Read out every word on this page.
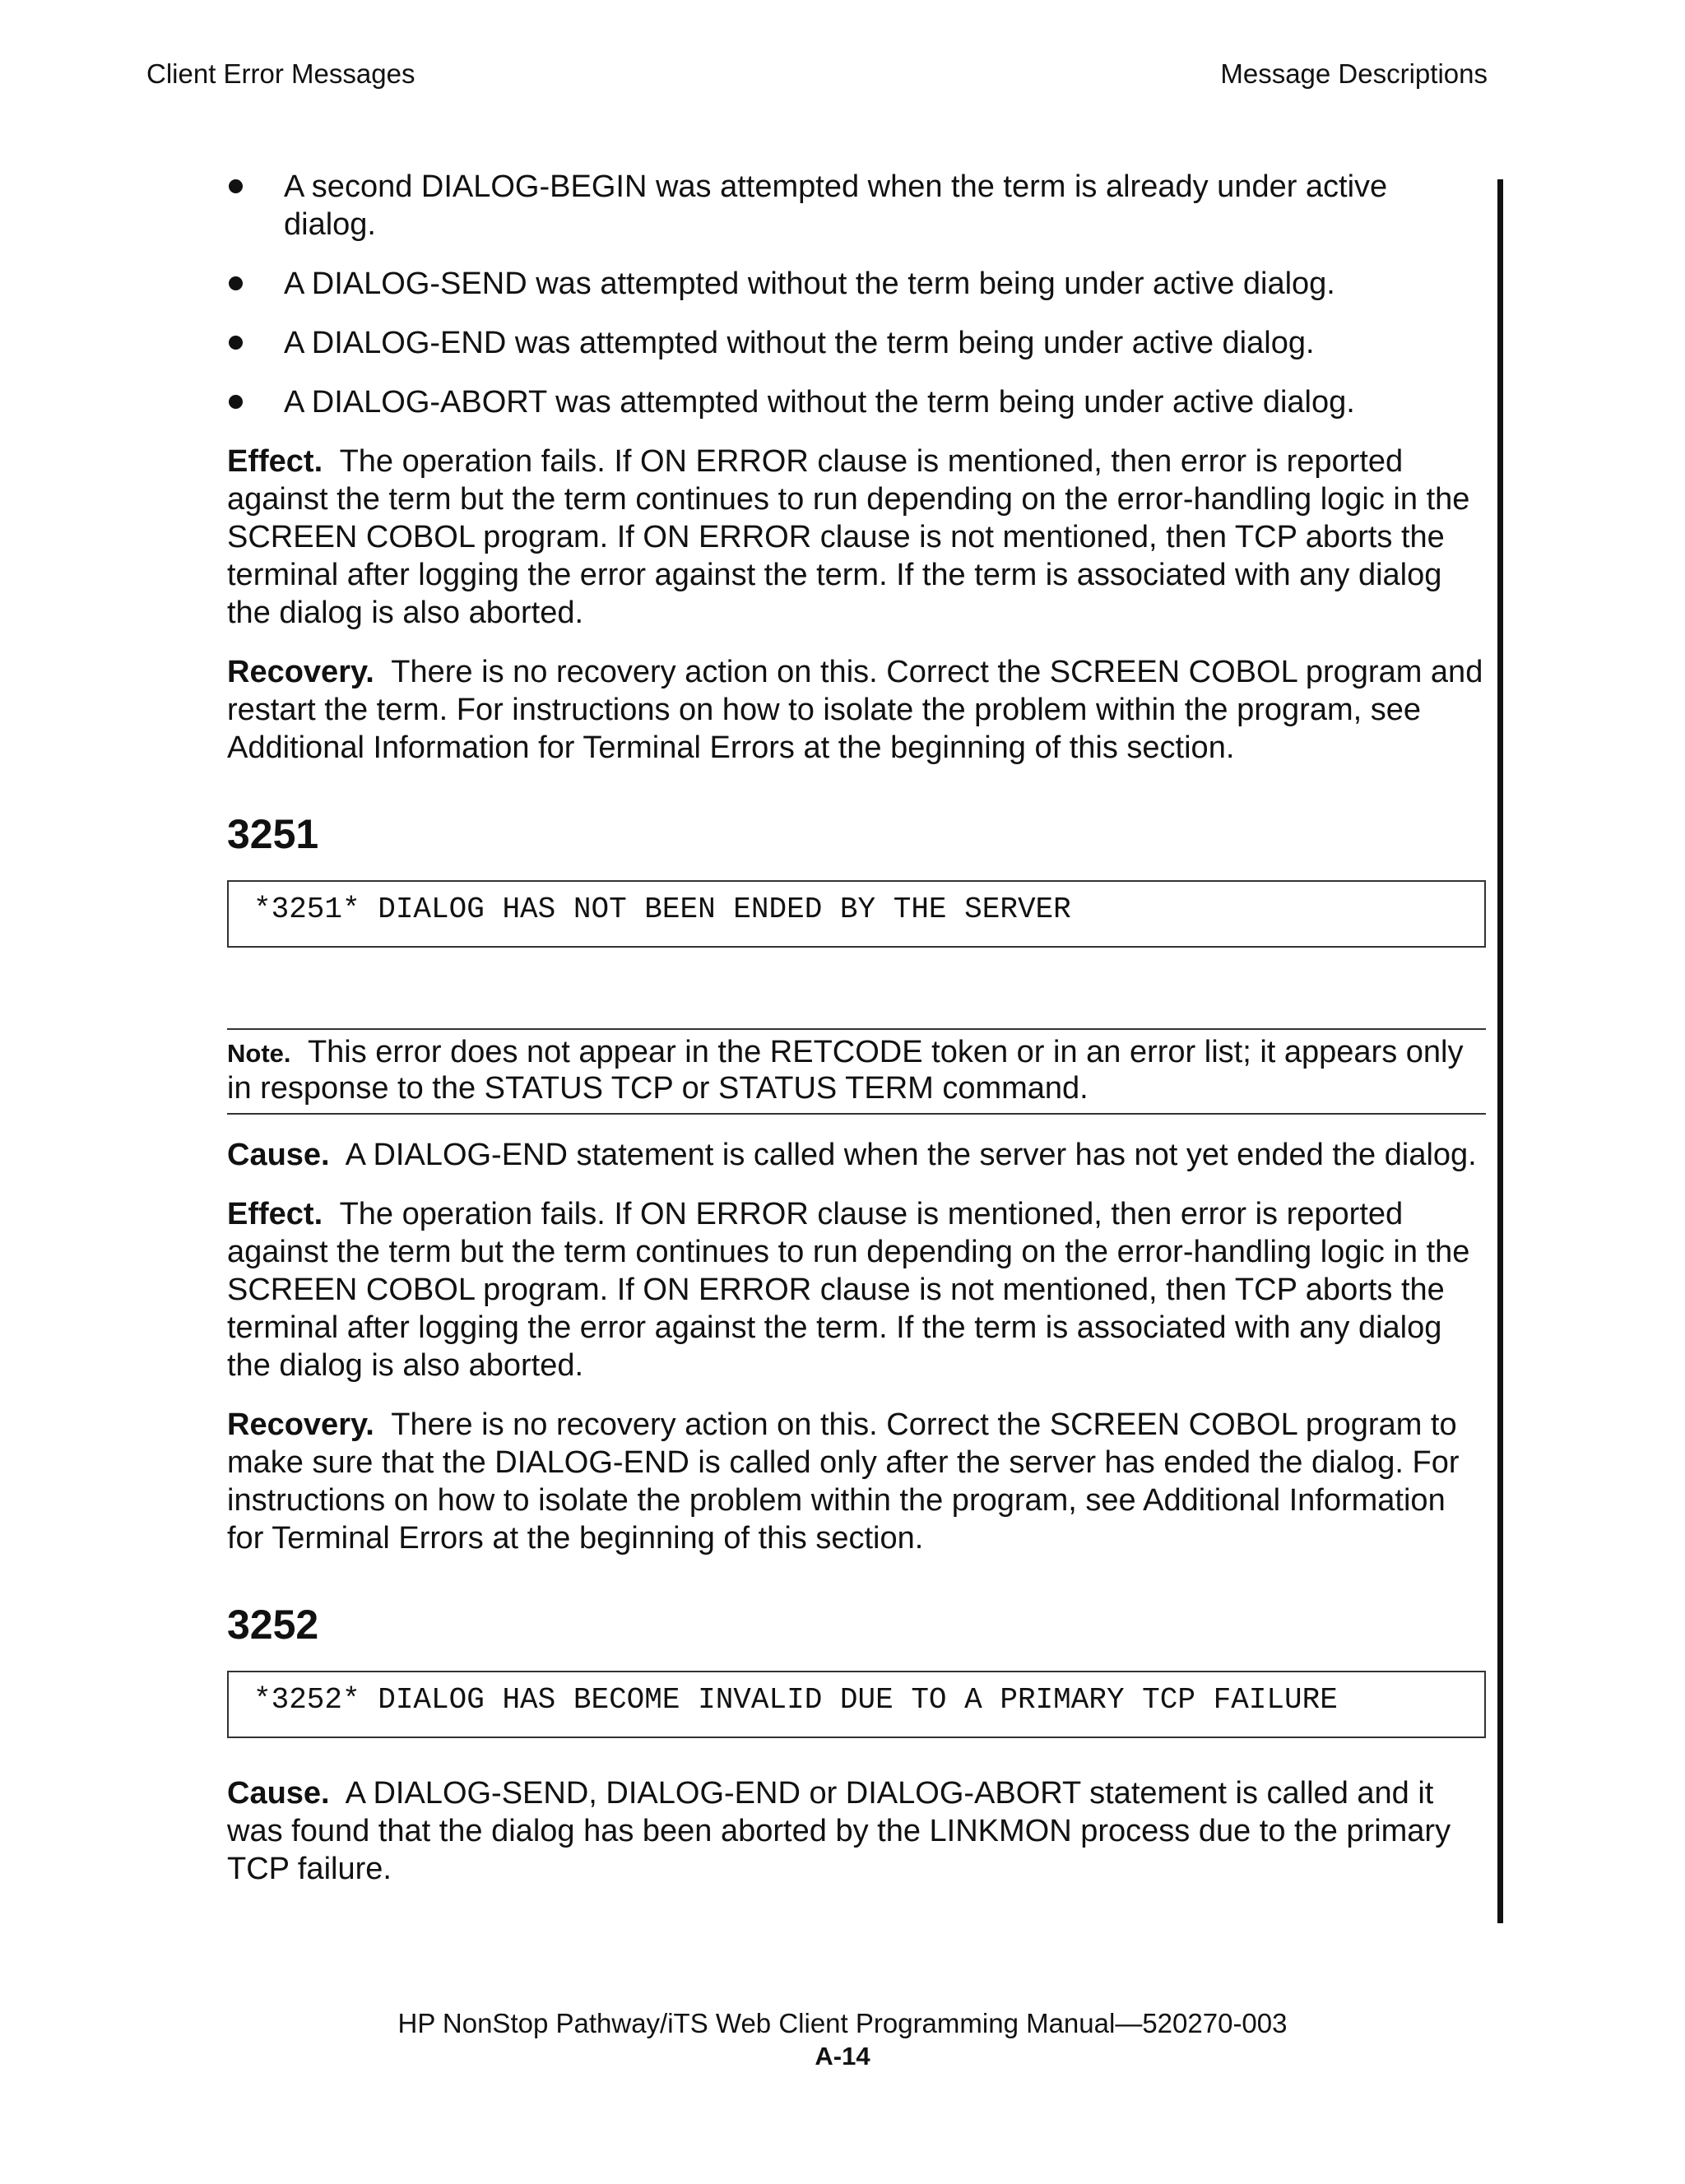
Client Error Messages	Message Descriptions
A second DIALOG-BEGIN was attempted when the term is already under active dialog.
A DIALOG-SEND was attempted without the term being under active dialog.
A DIALOG-END was attempted without the term being under active dialog.
A DIALOG-ABORT was attempted without the term being under active dialog.

Effect. The operation fails. If ON ERROR clause is mentioned, then error is reported against the term but the term continues to run depending on the error-handling logic in the SCREEN COBOL program. If ON ERROR clause is not mentioned, then TCP aborts the terminal after logging the error against the term. If the term is associated with any dialog the dialog is also aborted.

Recovery. There is no recovery action on this. Correct the SCREEN COBOL program and restart the term. For instructions on how to isolate the problem within the program, see Additional Information for Terminal Errors at the beginning of this section.

3251
*3251* DIALOG HAS NOT BEEN ENDED BY THE SERVER
Note. This error does not appear in the RETCODE token or in an error list; it appears only in response to the STATUS TCP or STATUS TERM command.

Cause. A DIALOG-END statement is called when the server has not yet ended the dialog.

Effect. The operation fails. If ON ERROR clause is mentioned, then error is reported against the term but the term continues to run depending on the error-handling logic in the SCREEN COBOL program. If ON ERROR clause is not mentioned, then TCP aborts the terminal after logging the error against the term. If the term is associated with any dialog the dialog is also aborted.

Recovery. There is no recovery action on this. Correct the SCREEN COBOL program to make sure that the DIALOG-END is called only after the server has ended the dialog. For instructions on how to isolate the problem within the program, see Additional Information for Terminal Errors at the beginning of this section.

3252
*3252* DIALOG HAS BECOME INVALID DUE TO A PRIMARY TCP FAILURE

Cause. A DIALOG-SEND, DIALOG-END or DIALOG-ABORT statement is called and it was found that the dialog has been aborted by the LINKMON process due to the primary TCP failure.

HP NonStop Pathway/iTS Web Client Programming Manual—520270-003
A-14
